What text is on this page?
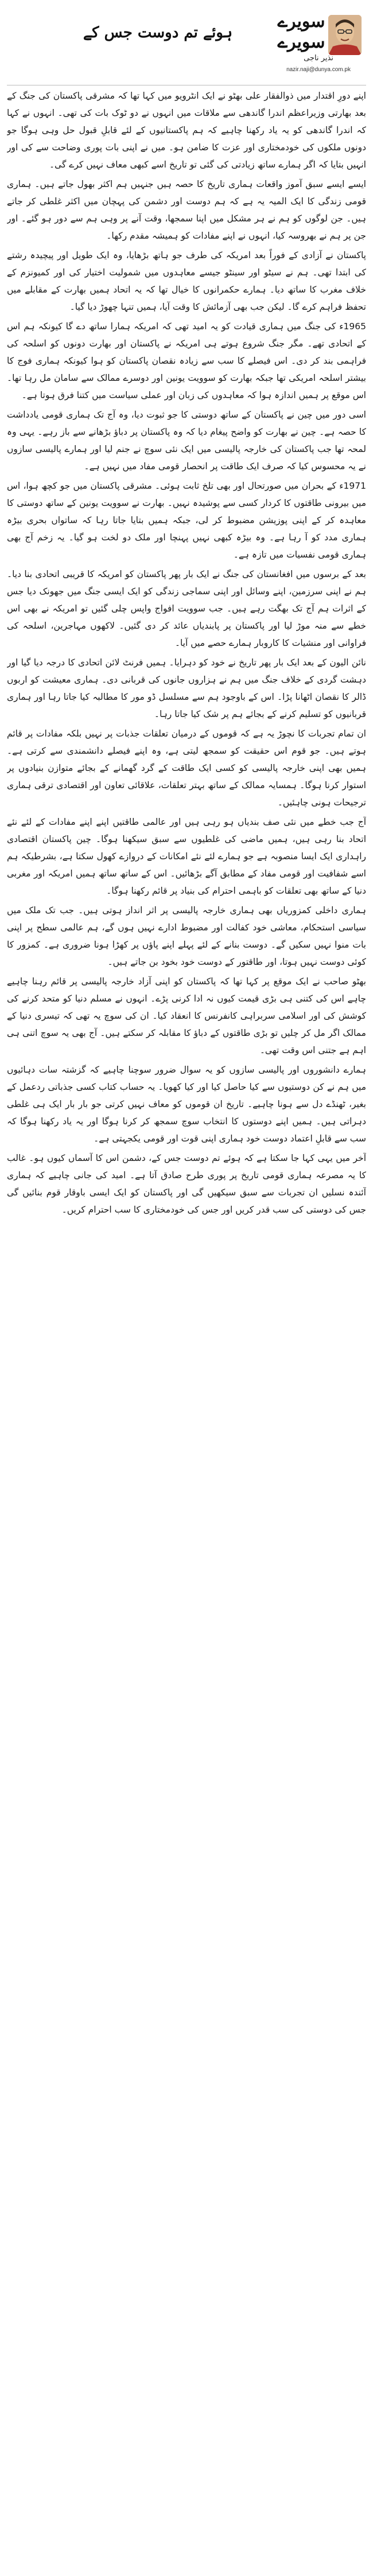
ہوئے تم دوست جس کے
سویرے سویرے
نذیر ناجی
nazir.naji@dunya.com.pk

اپنے دورِ اقتدار میں ذوالفقار علی بھٹو نے ایک انٹرویو میں کہا تھا کہ مشرقی پاکستان کی جنگ کے بعد بھارتی وزیراعظم اندرا گاندھی سے ملاقات میں انہوں نے دو ٹوک بات کی تھی۔ انہوں نے کہا کہ اندرا گاندھی کو یہ یاد رکھنا چاہیے کہ ہم پاکستانیوں کے لئے قابلِ قبول حل وہی ہوگا جو دونوں ملکوں کی خودمختاری اور عزت کا ضامن ہو۔ میں نے اپنی بات پوری وضاحت سے کی اور انہیں بتایا کہ اگر ہمارے ساتھ زیادتی کی گئی تو تاریخ اسے کبھی معاف نہیں کرے گی۔

ایسے ایسے سبق آموز واقعات ہماری تاریخ کا حصہ ہیں جنہیں ہم اکثر بھول جاتے ہیں۔ ہماری قومی زندگی کا ایک المیہ یہ ہے کہ ہم دوست اور دشمن کی پہچان میں اکثر غلطی کر جاتے ہیں۔ جن لوگوں کو ہم نے ہر مشکل میں اپنا سمجھا، وقت آنے پر وہی ہم سے دور ہو گئے۔ اور جن پر ہم نے بھروسہ کیا، انہوں نے اپنے مفادات کو ہمیشہ مقدم رکھا۔

پاکستان نے آزادی کے فوراً بعد امریکہ کی طرف جو ہاتھ بڑھایا، وہ ایک طویل اور پیچیدہ رشتے کی ابتدا تھی۔ ہم نے سیٹو اور سینٹو جیسے معاہدوں میں شمولیت اختیار کی اور کمیونزم کے خلاف مغرب کا ساتھ دیا۔ ہمارے حکمرانوں کا خیال تھا کہ یہ اتحاد ہمیں بھارت کے مقابلے میں تحفظ فراہم کرے گا۔ لیکن جب بھی آزمائش کا وقت آیا، ہمیں تنہا چھوڑ دیا گیا۔

1965ء کی جنگ میں ہماری قیادت کو یہ امید تھی کہ امریکہ ہمارا ساتھ دے گا کیونکہ ہم اس کے اتحادی تھے۔ مگر جنگ شروع ہوتے ہی امریکہ نے پاکستان اور بھارت دونوں کو اسلحہ کی فراہمی بند کر دی۔ اس فیصلے کا سب سے زیادہ نقصان پاکستان کو ہوا کیونکہ ہماری فوج کا بیشتر اسلحہ امریکی تھا جبکہ بھارت کو سوویت یونین اور دوسرے ممالک سے سامان مل رہا تھا۔ اس موقع پر ہمیں اندازہ ہوا کہ معاہدوں کی زبان اور عملی سیاست میں کتنا فرق ہوتا ہے۔

اسی دور میں چین نے پاکستان کے ساتھ دوستی کا جو ثبوت دیا، وہ آج تک ہماری قومی یادداشت کا حصہ ہے۔ چین نے بھارت کو واضح پیغام دیا کہ وہ پاکستان پر دباؤ بڑھانے سے باز رہے۔ یہی وہ لمحہ تھا جب پاکستان کی خارجہ پالیسی میں ایک نئی سوچ نے جنم لیا اور ہمارے پالیسی سازوں نے یہ محسوس کیا کہ صرف ایک طاقت پر انحصار قومی مفاد میں نہیں ہے۔

1971ء کے بحران میں صورتحال اور بھی تلخ ثابت ہوئی۔ مشرقی پاکستان میں جو کچھ ہوا، اس میں بیرونی طاقتوں کا کردار کسی سے پوشیدہ نہیں۔ بھارت نے سوویت یونین کے ساتھ دوستی کا معاہدہ کر کے اپنی پوزیشن مضبوط کر لی، جبکہ ہمیں بتایا جاتا رہا کہ ساتواں بحری بیڑہ ہماری مدد کو آ رہا ہے۔ وہ بیڑہ کبھی نہیں پہنچا اور ملک دو لخت ہو گیا۔ یہ زخم آج بھی ہماری قومی نفسیات میں تازہ ہے۔

بعد کے برسوں میں افغانستان کی جنگ نے ایک بار پھر پاکستان کو امریکہ کا قریبی اتحادی بنا دیا۔ ہم نے اپنی سرزمین، اپنے وسائل اور اپنی سماجی زندگی کو ایک ایسی جنگ میں جھونک دیا جس کے اثرات ہم آج تک بھگت رہے ہیں۔ جب سوویت افواج واپس چلی گئیں تو امریکہ نے بھی اس خطے سے منہ موڑ لیا اور پاکستان پر پابندیاں عائد کر دی گئیں۔ لاکھوں مہاجرین، اسلحہ کی فراوانی اور منشیات کا کاروبار ہمارے حصے میں آیا۔

نائن الیون کے بعد ایک بار پھر تاریخ نے خود کو دہرایا۔ ہمیں فرنٹ لائن اتحادی کا درجہ دیا گیا اور دہشت گردی کے خلاف جنگ میں ہم نے ہزاروں جانوں کی قربانی دی۔ ہماری معیشت کو اربوں ڈالر کا نقصان اٹھانا پڑا۔ اس کے باوجود ہم سے مسلسل ڈو مور کا مطالبہ کیا جاتا رہا اور ہماری قربانیوں کو تسلیم کرنے کے بجائے ہم پر شک کیا جاتا رہا۔

ان تمام تجربات کا نچوڑ یہ ہے کہ قوموں کے درمیان تعلقات جذبات پر نہیں بلکہ مفادات پر قائم ہوتے ہیں۔ جو قوم اس حقیقت کو سمجھ لیتی ہے، وہ اپنے فیصلے دانشمندی سے کرتی ہے۔ ہمیں بھی اپنی خارجہ پالیسی کو کسی ایک طاقت کے گرد گھمانے کے بجائے متوازن بنیادوں پر استوار کرنا ہوگا۔ ہمسایہ ممالک کے ساتھ بہتر تعلقات، علاقائی تعاون اور اقتصادی ترقی ہماری ترجیحات ہونی چاہئیں۔

آج جب خطے میں نئی صف بندیاں ہو رہی ہیں اور عالمی طاقتیں اپنے اپنے مفادات کے لئے نئے اتحاد بنا رہی ہیں، ہمیں ماضی کی غلطیوں سے سبق سیکھنا ہوگا۔ چین پاکستان اقتصادی راہداری ایک ایسا منصوبہ ہے جو ہمارے لئے نئے امکانات کے دروازے کھول سکتا ہے، بشرطیکہ ہم اسے شفافیت اور قومی مفاد کے مطابق آگے بڑھائیں۔ اس کے ساتھ ساتھ ہمیں امریکہ اور مغربی دنیا کے ساتھ بھی تعلقات کو باہمی احترام کی بنیاد پر قائم رکھنا ہوگا۔

ہماری داخلی کمزوریاں بھی ہماری خارجہ پالیسی پر اثر انداز ہوتی ہیں۔ جب تک ملک میں سیاسی استحکام، معاشی خود کفالت اور مضبوط ادارے نہیں ہوں گے، ہم عالمی سطح پر اپنی بات منوا نہیں سکیں گے۔ دوست بنانے کے لئے پہلے اپنے پاؤں پر کھڑا ہونا ضروری ہے۔ کمزور کا کوئی دوست نہیں ہوتا، اور طاقتور کے دوست خود بخود بن جاتے ہیں۔

بھٹو صاحب نے ایک موقع پر کہا تھا کہ پاکستان کو اپنی آزاد خارجہ پالیسی پر قائم رہنا چاہیے چاہے اس کی کتنی ہی بڑی قیمت کیوں نہ ادا کرنی پڑے۔ انہوں نے مسلم دنیا کو متحد کرنے کی کوشش کی اور اسلامی سربراہی کانفرنس کا انعقاد کیا۔ ان کی سوچ یہ تھی کہ تیسری دنیا کے ممالک اگر مل کر چلیں تو بڑی طاقتوں کے دباؤ کا مقابلہ کر سکتے ہیں۔ آج بھی یہ سوچ اتنی ہی اہم ہے جتنی اس وقت تھی۔

ہمارے دانشوروں اور پالیسی سازوں کو یہ سوال ضرور سوچنا چاہیے کہ گزشتہ سات دہائیوں میں ہم نے کن دوستیوں سے کیا حاصل کیا اور کیا کھویا۔ یہ حساب کتاب کسی جذباتی ردعمل کے بغیر، ٹھنڈے دل سے ہونا چاہیے۔ تاریخ ان قوموں کو معاف نہیں کرتی جو بار بار ایک ہی غلطی دہراتی ہیں۔ ہمیں اپنے دوستوں کا انتخاب سوچ سمجھ کر کرنا ہوگا اور یہ یاد رکھنا ہوگا کہ سب سے قابلِ اعتماد دوست خود ہماری اپنی قوت اور قومی یکجہتی ہے۔

آخر میں یہی کہا جا سکتا ہے کہ ہوئے تم دوست جس کے، دشمن اس کا آسماں کیوں ہو۔ غالب کا یہ مصرعہ ہماری قومی تاریخ پر پوری طرح صادق آتا ہے۔ امید کی جانی چاہیے کہ ہماری آئندہ نسلیں ان تجربات سے سبق سیکھیں گی اور پاکستان کو ایک ایسی باوقار قوم بنائیں گی جس کی دوستی کی سب قدر کریں اور جس کی خودمختاری کا سب احترام کریں۔
